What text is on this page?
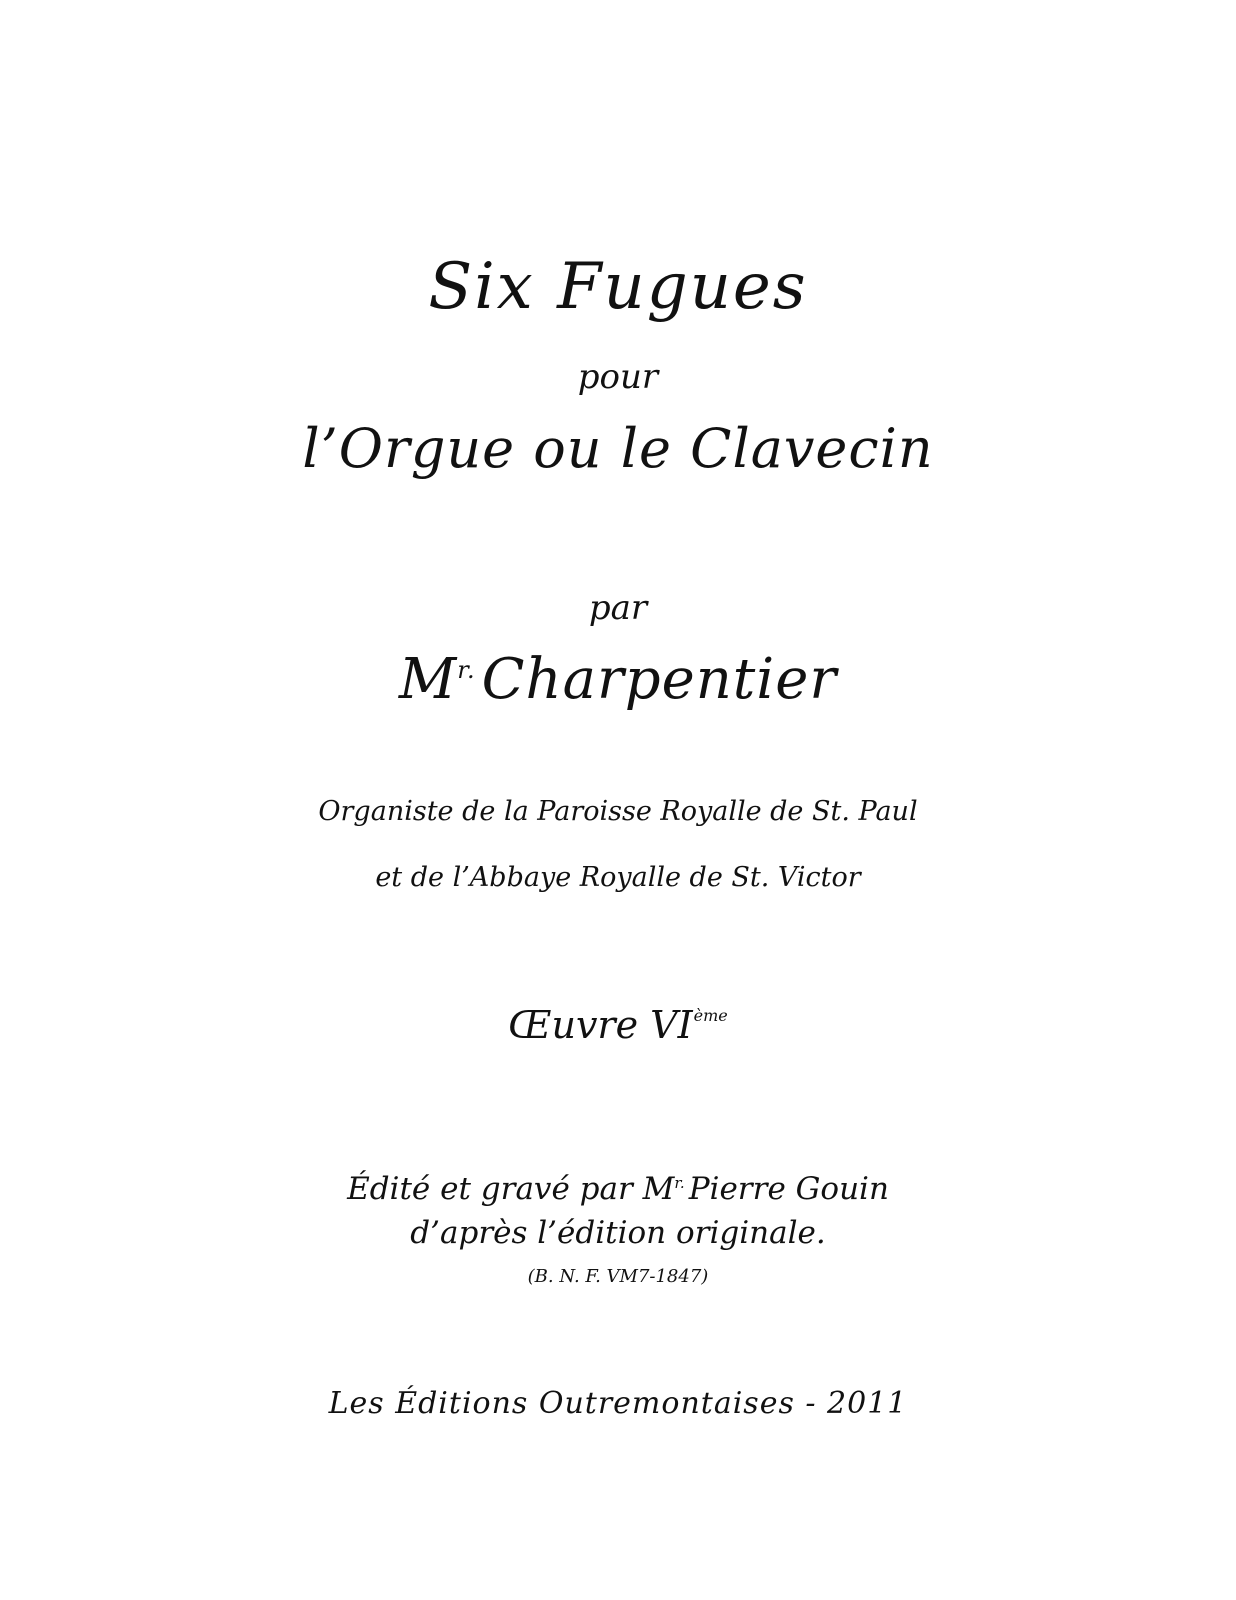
Six Fugues
pour
l’Orgue ou le Clavecin
par
$M^{r.}$ Charpentier
Organiste de la Paroisse Royalle de St. Paul
et de l’Abbaye Royalle de St. Victor
Œuvre VIème
Édité et gravé par $M^{r.}$ Pierre Gouin
d’après l’édition originale.
(B. N. F. VM7-1847)
Les Éditions Outremontaises - 2011
